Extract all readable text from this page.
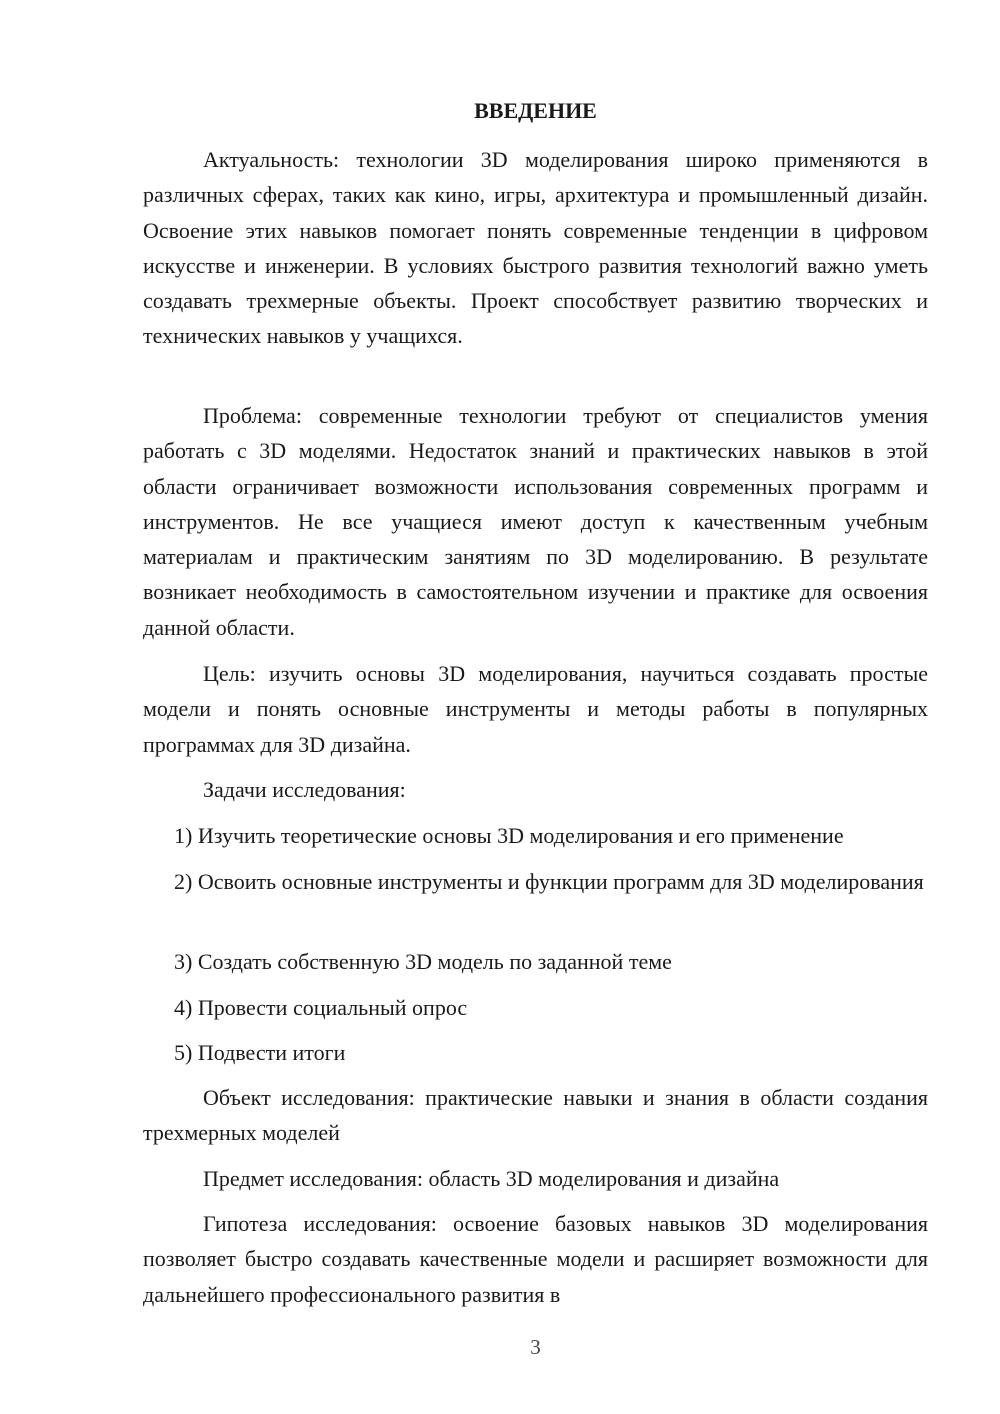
ВВЕДЕНИЕ

Актуальность: технологии 3D моделирования широко применяются в различных сферах, таких как кино, игры, архитектура и промышленный дизайн. Освоение этих навыков помогает понять современные тенденции в цифровом искусстве и инженерии. В условиях быстрого развития технологий важно уметь создавать трехмерные объекты. Проект способствует развитию творческих и технических навыков у учащихся.

Проблема: современные технологии требуют от специалистов умения работать с 3D моделями. Недостаток знаний и практических навыков в этой области ограничивает возможности использования современных программ и инструментов. Не все учащиеся имеют доступ к качественным учебным материалам и практическим занятиям по 3D моделированию. В результате возникает необходимость в самостоятельном изучении и практике для освоения данной области.

Цель: изучить основы 3D моделирования, научиться создавать простые модели и понять основные инструменты и методы работы в популярных программах для 3D дизайна.

Задачи исследования:

1) Изучить теоретические основы 3D моделирования и его применение

2) Освоить основные инструменты и функции программ для 3D моделирования

3) Создать собственную 3D модель по заданной теме

4) Провести социальный опрос

5) Подвести итоги

Объект исследования: практические навыки и знания в области создания трехмерных моделей

Предмет исследования: область 3D моделирования и дизайна

Гипотеза исследования: освоение базовых навыков 3D моделирования позволяет быстро создавать качественные модели и расширяет возможности для дальнейшего профессионального развития в

3
